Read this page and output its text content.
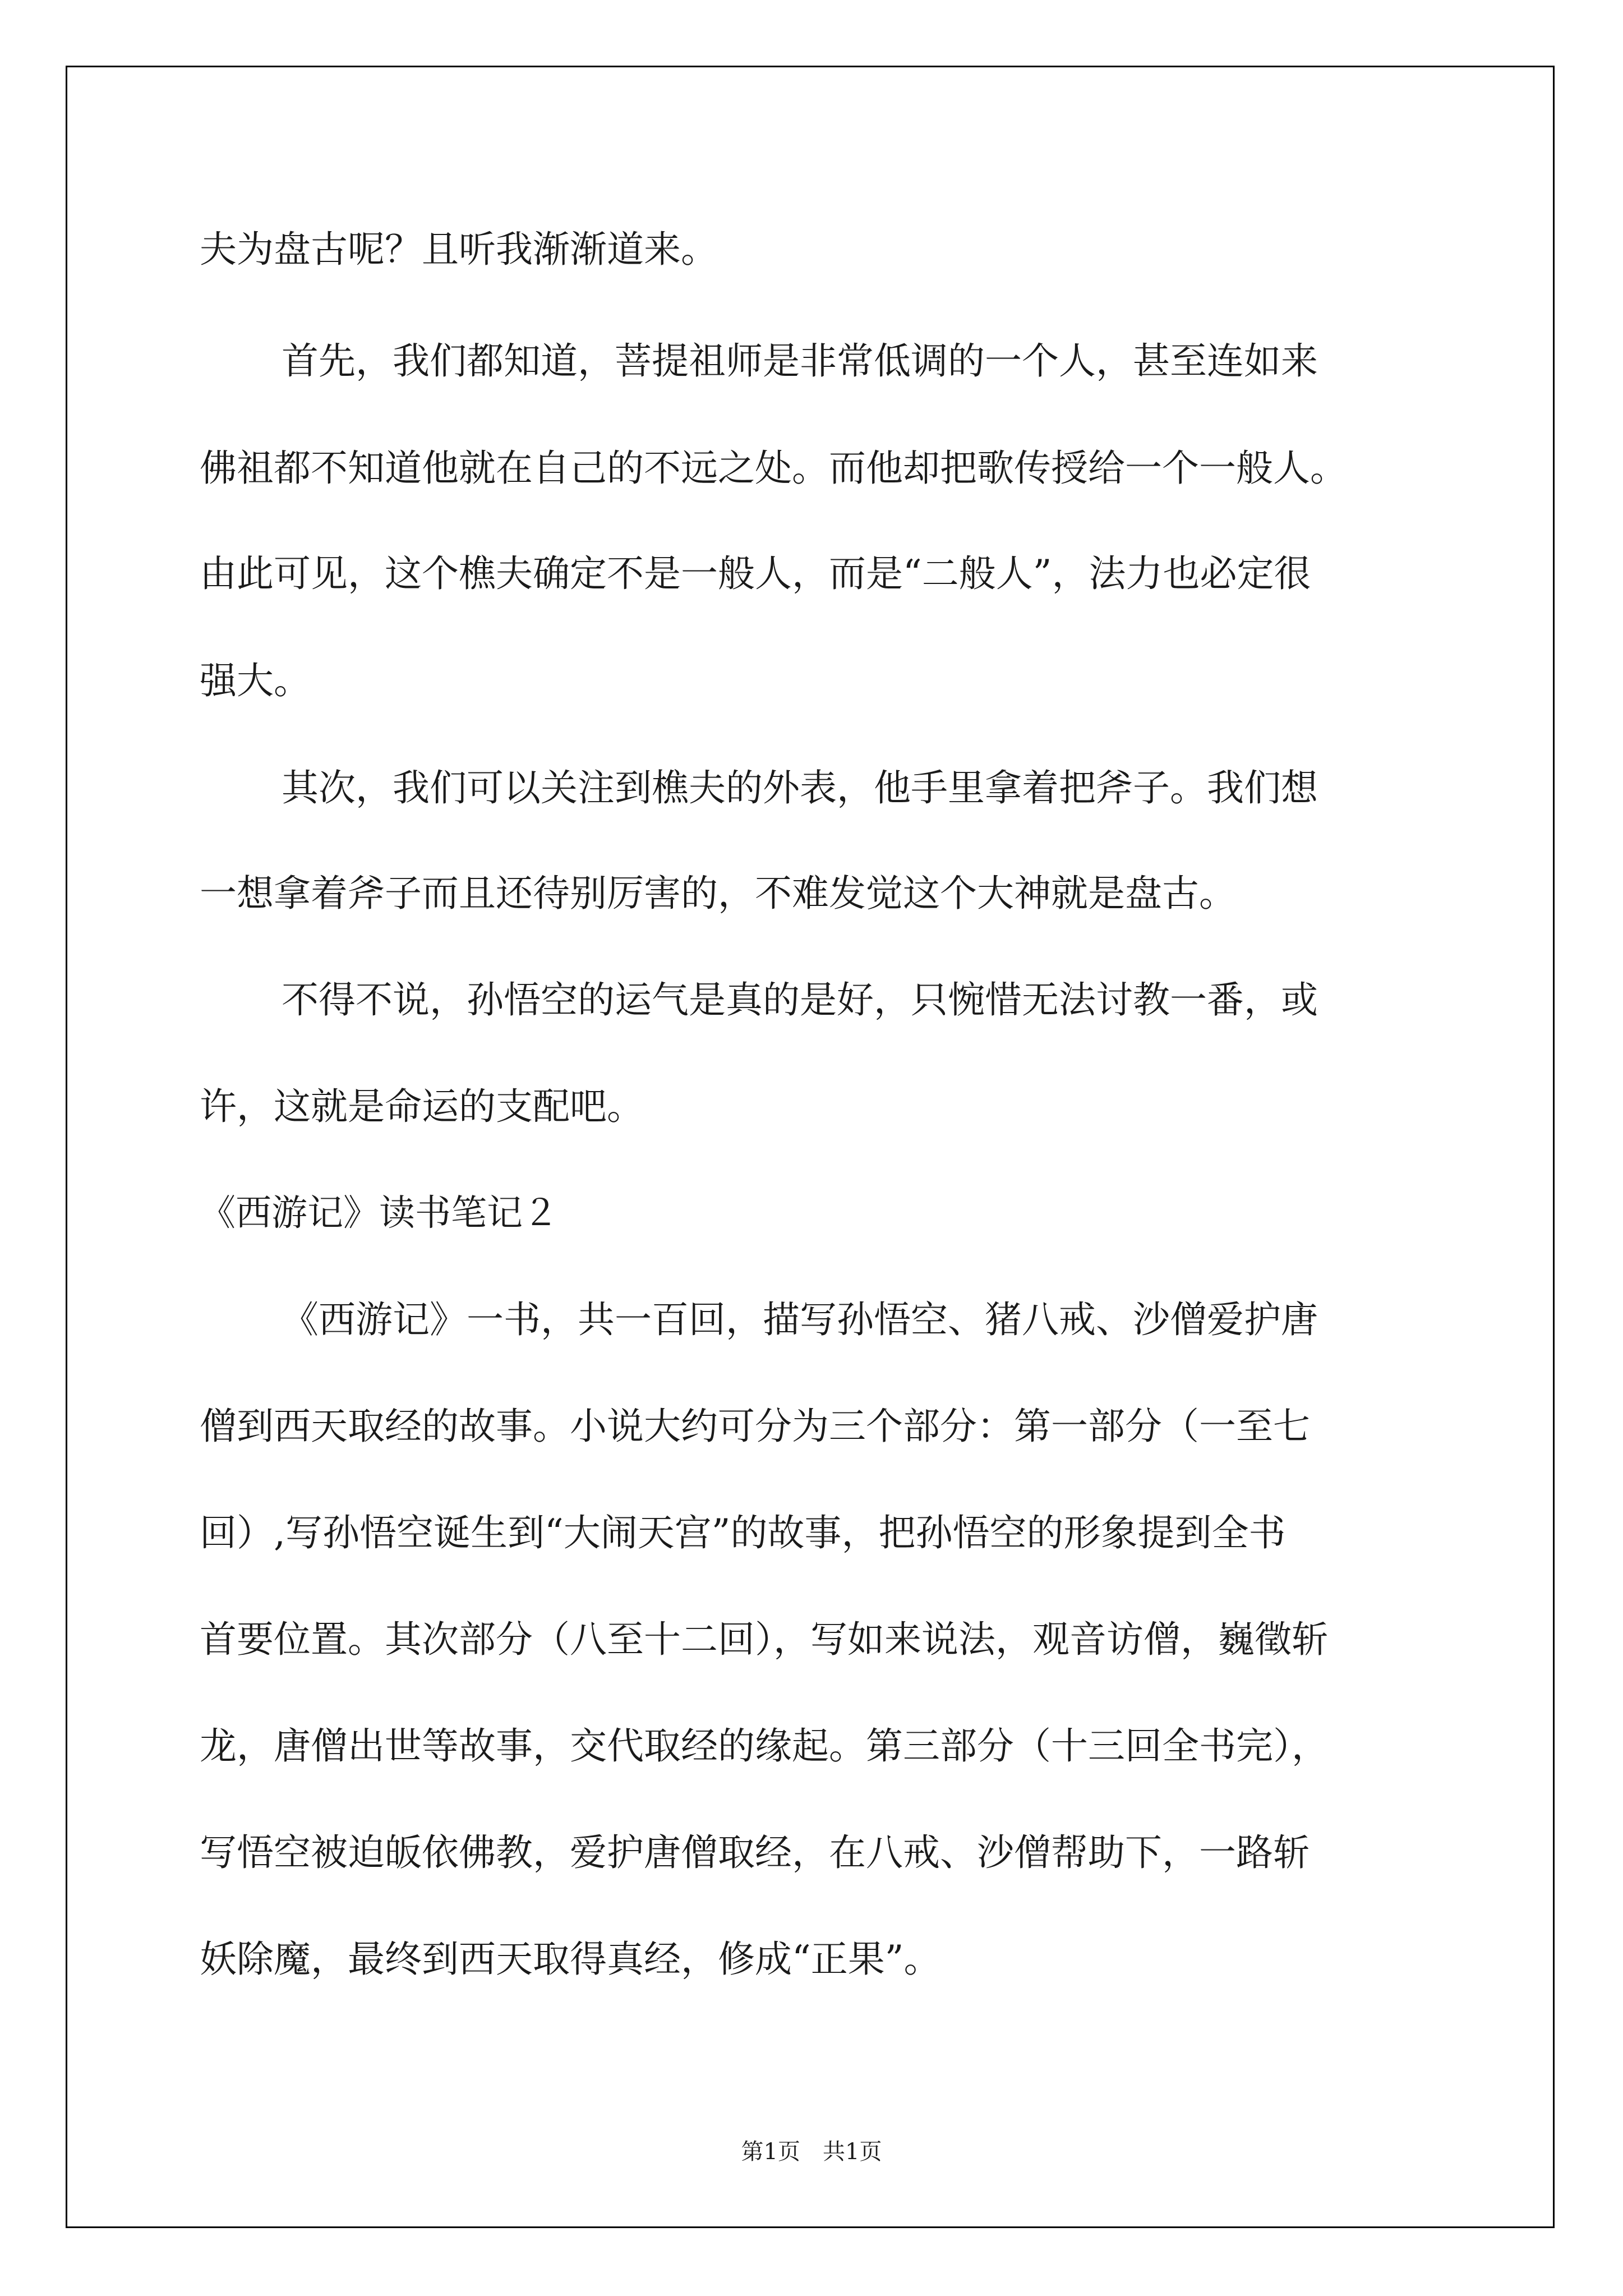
夫为盘古呢？且听我渐渐道来。
首先，我们都知道，菩提祖师是非常低调的一个人，甚至连如来
佛祖都不知道他就在自己的不远之处。而他却把歌传授给一个一般人。
由此可见，这个樵夫确定不是一般人，而是“二般人”，法力也必定很
强大。
其次，我们可以关注到樵夫的外表，他手里拿着把斧子。我们想
一想拿着斧子而且还待别厉害的，不难发觉这个大神就是盘古。
不得不说，孙悟空的运气是真的是好，只惋惜无法讨教一番，或
许，这就是命运的支配吧。
《西游记》读书笔记２
《西游记》一书，共一百回，描写孙悟空、猪八戒、沙僧爱护唐
僧到西天取经的故事。小说大约可分为三个部分：第一部分（一至七
回）,写孙悟空诞生到“大闹天宫”的故事，把孙悟空的形象提到全书
首要位置。其次部分（八至十二回），写如来说法，观音访僧，巍徵斩
龙，唐僧出世等故事，交代取经的缘起。第三部分（十三回全书完），
写悟空被迫皈依佛教，爱护唐僧取经，在八戒、沙僧帮助下，一路斩
妖除魔，最终到西天取得真经，修成“正果”。
第1页 共1页
